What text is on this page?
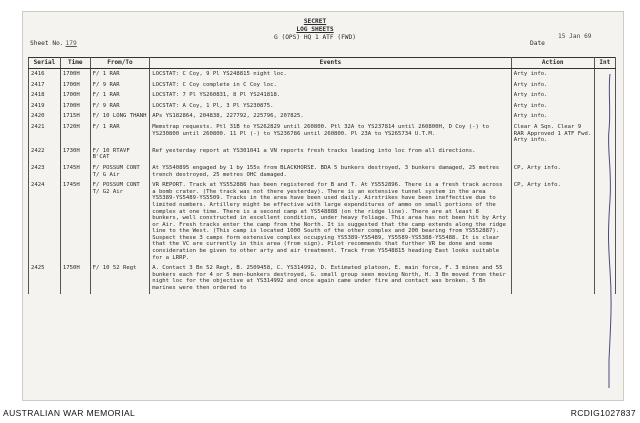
SECRET
LOG SHEETS
G (OPS) HQ 1 ATF (FWD)
Sheet No. 179
15 Jan 69
Date
Serial	Time	From/To	Events	Action	Int
2416	1700H	F/ 1 RAR	LOCSTAT: C Coy, 9 Pl YS248815 night loc.	Arty info.	
2417	1700H	F/ 9 RAR	LOCSTAT: C Coy complete in C Coy loc.	Arty info.	
2418	1700H	F/ 1 RAR	LOCSTAT: 7 Pl YS260831, 8 Pl YS241818.	Arty info.	
2419	1700H	F/ 9 RAR	LOCSTAT: A Coy, 1 Pl, 3 Pl YS230875.	Arty info.	
2420	1715H	F/ 10 LONG THANH	APs YS182864, 204838, 227792, 225796, 207825.	Arty info.	
2421	1720H	F/ 1 RAR	Memstrap requests. Ptl 31B to YS262829 until 260800. Ptl 32A to YS237814 until 260800H, D Coy (-) to YS230800 until 260800. 11 Pl (-) to YS236786 until 260800. Pl 23A to YS265734 U.T.M.	Clear A Sqn. Clear 9 RAR Approved 1 ATF Fwd. Arty info.	
2422	1730H	F/ 10 RTAVF B'CAT	Ref yesterday report at YS301041 a VN reports fresh tracks leading into loc from all directions.		
2423	1745H	F/ POSSUM CONT T/ G Air	At YS540895 engaged by 1 by 155s from BLACKHORSE. BDA 5 bunkers destroyed, 3 bunkers damaged, 25 metres trench destroyed, 25 metres OHC damaged.	CP, Arty info.	
2424	1745H	F/ POSSUM CONT T/ G2 Air	VR REPORT. Track at YS552886 has been registered for B and T. At YS552896. There is a fresh track across a bomb crater. (The track was not there yesterday). There is an extensive tunnel system in the area YS5389-YS5489-YS5509. Tracks in the area have been used daily. Airstrikes have been ineffective due to limited numbers. Artillery might be effective with large expenditures of ammo on small portions of the complex at one time. There is a second camp at YS548888 (on the ridge line). There are at least 8 bunkers, well constructed in excellent condition, under heavy foliage. This area has not been hit by Arty or Air. Fresh tracks enter the camp from the North. It is suggested that the camp extends along the ridge line to the West. (This camp is located 1000 South of the other complex and 200 bearing from YS552887). Suspect these 3 camps form extensive complex occupying YS5389-YS5489, YS5589-YS5388-YS5488. It is clear that the VC are currently in this area (from sign). Pilot recommends that further VR be done and some consideration be given to other arty and air treatment. Track from YS548815 heading East looks suitable for a LRRP.	CP, Arty info.	
2425	1750H	F/ 10 52 Regt	A. Contact 3 Bn 52 Regt, B. 2509458, C. YS314992, D. Estimated platoon, E. main force, F. 3 mines and 55 bunkers each for 4 or 5 men-bunkers destroyed, G. small group seen moving North, H. 3 Bn moved from their night loc for the objective at YS314992 and once again came under fire and contact was broken. 5 Bn marines were then ordered to		
AUSTRALIAN WAR MEMORIAL	RCDIG1027837
